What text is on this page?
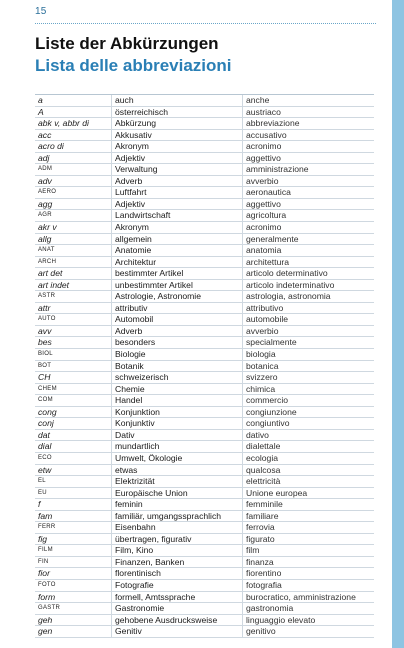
15
Liste der Abkürzungen
Lista delle abbreviazioni
a	auch	anche
A	österreichisch	austriaco
abk v, abbr di	Abkürzung	abbreviazione
acc	Akkusativ	accusativo
acro di	Akronym	acronimo
adj	Adjektiv	aggettivo
ADM	Verwaltung	amministrazione
adv	Adverb	avverbio
AERO	Luftfahrt	aeronautica
agg	Adjektiv	aggettivo
AGR	Landwirtschaft	agricoltura
akr v	Akronym	acronimo
allg	allgemein	generalmente
ANAT	Anatomie	anatomia
ARCH	Architektur	architettura
art det	bestimmter Artikel	articolo determinativo
art indet	unbestimmter Artikel	articolo indeterminativo
ASTR	Astrologie, Astronomie	astrologia, astronomia
attr	attributiv	attributivo
AUTO	Automobil	automobile
avv	Adverb	avverbio
bes	besonders	specialmente
BIOL	Biologie	biologia
BOT	Botanik	botanica
CH	schweizerisch	svizzero
CHEM	Chemie	chimica
COM	Handel	commercio
cong	Konjunktion	congiunzione
conj	Konjunktiv	congiuntivo
dat	Dativ	dativo
dial	mundartlich	dialettale
ECO	Umwelt, Ökologie	ecologia
etw	etwas	qualcosa
EL	Elektrizität	elettricità
EU	Europäische Union	Unione europea
f	feminin	femminile
fam	familiär, umgangssprachlich	familiare
FERR	Eisenbahn	ferrovia
fig	übertragen, figurativ	figurato
FILM	Film, Kino	film
FIN	Finanzen, Banken	finanza
fior	florentinisch	fiorentino
FOTO	Fotografie	fotografia
form	formell, Amtssprache	burocratico, amministrazione
GASTR	Gastronomie	gastronomia
geh	gehobene Ausdrucksweise	linguaggio elevato
gen	Genitiv	genitivo
